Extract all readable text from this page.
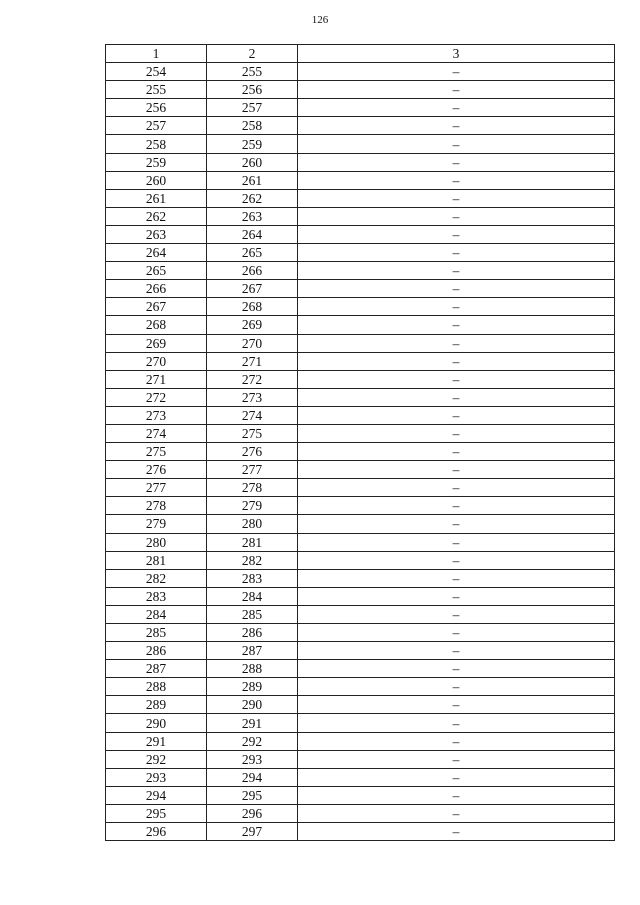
126
1	2	3
254	255	–
255	256	–
256	257	–
257	258	–
258	259	–
259	260	–
260	261	–
261	262	–
262	263	–
263	264	–
264	265	–
265	266	–
266	267	–
267	268	–
268	269	–
269	270	–
270	271	–
271	272	–
272	273	–
273	274	–
274	275	–
275	276	–
276	277	–
277	278	–
278	279	–
279	280	–
280	281	–
281	282	–
282	283	–
283	284	–
284	285	–
285	286	–
286	287	–
287	288	–
288	289	–
289	290	–
290	291	–
291	292	–
292	293	–
293	294	–
294	295	–
295	296	–
296	297	–
